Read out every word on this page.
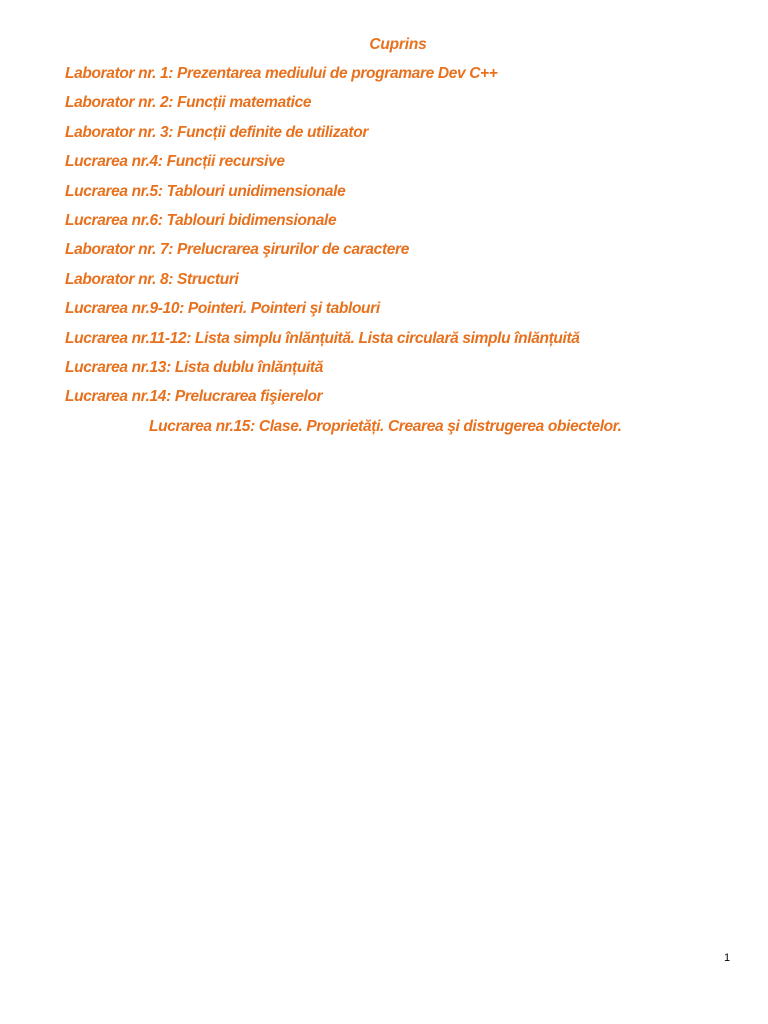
Cuprins
Laborator nr. 1: Prezentarea mediului de programare Dev C++
Laborator nr. 2: Funcții matematice
Laborator nr. 3: Funcții definite de utilizator
Lucrarea nr.4: Funcții recursive
Lucrarea nr.5: Tablouri unidimensionale
Lucrarea nr.6: Tablouri bidimensionale
Laborator nr. 7: Prelucrarea şirurilor de caractere
Laborator nr. 8: Structuri
Lucrarea nr.9-10: Pointeri. Pointeri şi tablouri
Lucrarea nr.11-12: Lista simplu înlănțuită. Lista circulară simplu înlănțuită
Lucrarea nr.13: Lista dublu înlănțuită
Lucrarea nr.14: Prelucrarea fişierelor
Lucrarea nr.15: Clase. Proprietăți. Crearea şi distrugerea obiectelor.
1
